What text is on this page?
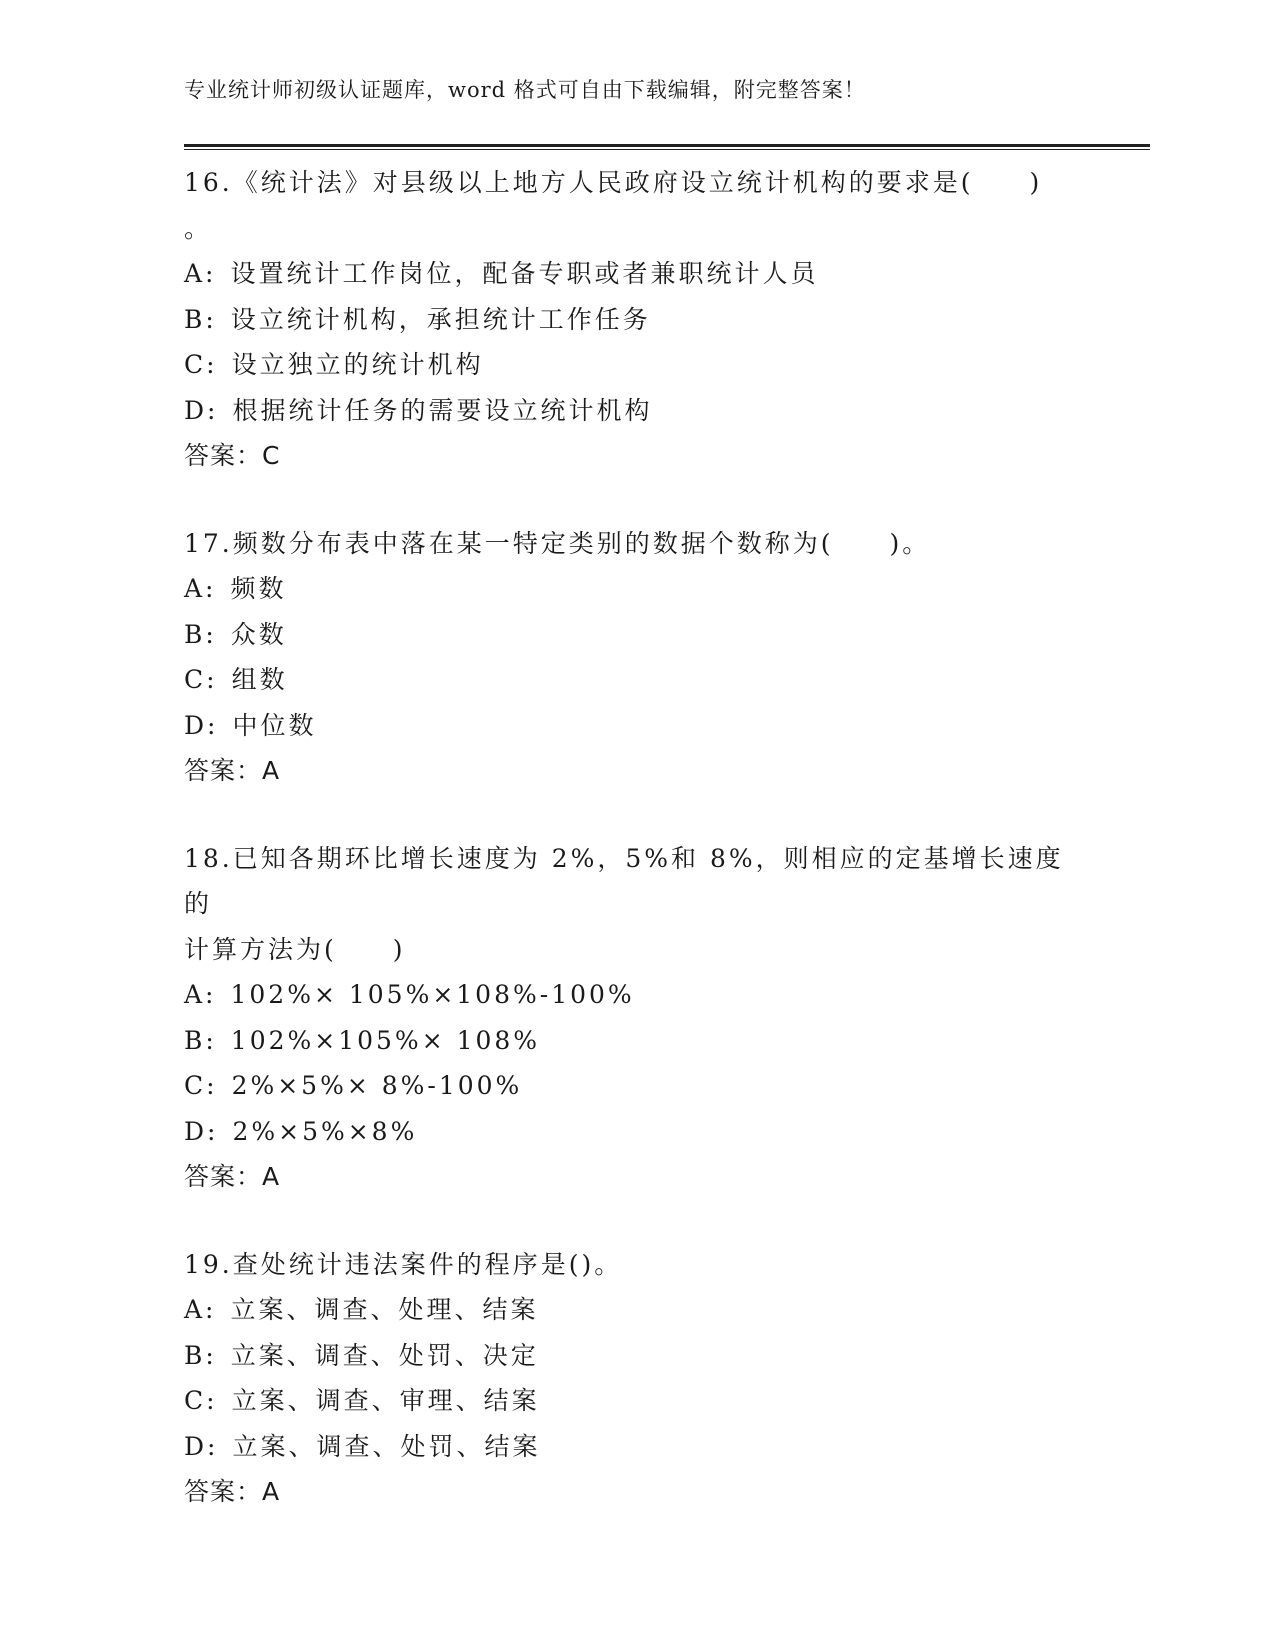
专业统计师初级认证题库，word 格式可自由下载编辑，附完整答案！
16.《统计法》对县级以上地方人民政府设立统计机构的要求是(　　)
。
A: 设置统计工作岗位，配备专职或者兼职统计人员
B: 设立统计机构，承担统计工作任务
C: 设立独立的统计机构
D: 根据统计任务的需要设立统计机构
答案：C
17.频数分布表中落在某一特定类别的数据个数称为(　　)。
A: 频数
B: 众数
C: 组数
D: 中位数
答案：A
18.已知各期环比增长速度为 2%，5%和 8%，则相应的定基增长速度的
计算方法为(　　)
A: 102%× 105%×108%-100%
B: 102%×105%× 108%
C: 2%×5%× 8%-100%
D: 2%×5%×8%
答案：A
19.查处统计违法案件的程序是()。
A: 立案、调查、处理、结案
B: 立案、调查、处罚、决定
C: 立案、调查、审理、结案
D: 立案、调查、处罚、结案
答案：A
